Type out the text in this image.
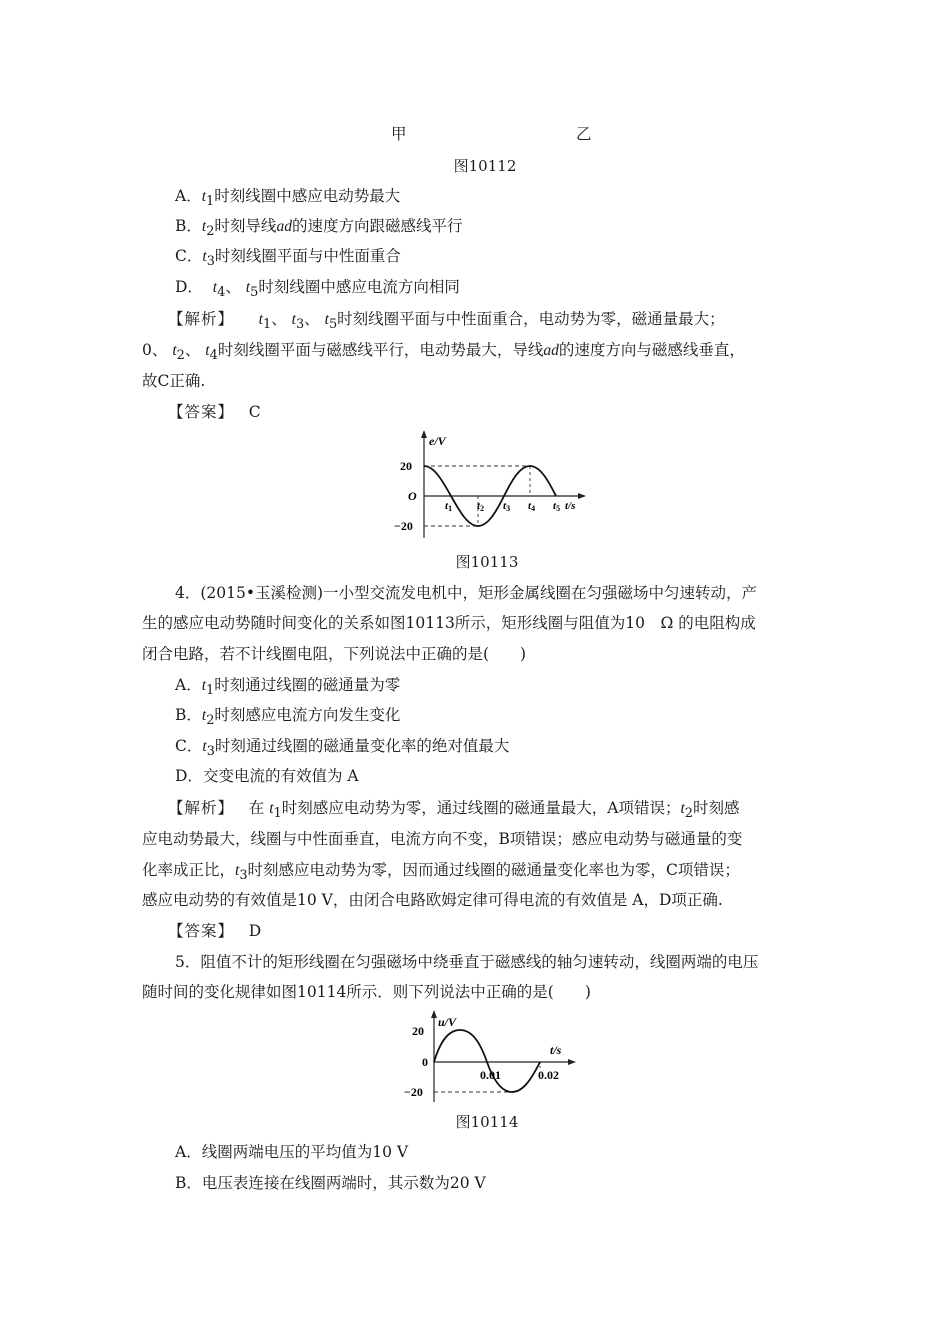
甲	乙
图10112
A．$t_1$时刻线圈中感应电动势最大
B．$t_2$时刻导线ad的速度方向跟磁感线平行
C．$t_3$时刻线圈平面与中性面重合
D． $t_4$、 $t_5$时刻线圈中感应电流方向相同
【解析】 $t_1$、 $t_3$、 $t_5$时刻线圈平面与中性面重合，电动势为零，磁通量最大；
0、 $t_2$、 $t_4$时刻线圈平面与磁感线平行，电动势最大，导线ad的速度方向与磁感线垂直，
故C正确.
【答案】 C
e/V
20
O
−20
t1 t2 t3 t4 t5 t/s
图10113
4．(2015•玉溪检测)一小型交流发电机中，矩形金属线圈在匀强磁场中匀速转动，产
生的感应电动势随时间变化的关系如图10113所示，矩形线圈与阻值为10　Ω 的电阻构成
闭合电路，若不计线圈电阻，下列说法中正确的是(　　)
A．$t_1$时刻通过线圈的磁通量为零
B．$t_2$时刻感应电流方向发生变化
C．$t_3$时刻通过线圈的磁通量变化率的绝对值最大
D．交变电流的有效值为 A
【解析】 在 $t_1$时刻感应电动势为零，通过线圈的磁通量最大，A项错误；$t_2$时刻感
应电动势最大，线圈与中性面垂直，电流方向不变，B项错误；感应电动势与磁通量的变
化率成正比，$t_3$时刻感应电动势为零，因而通过线圈的磁通量变化率也为零，C项错误；
感应电动势的有效值是10 V，由闭合电路欧姆定律可得电流的有效值是 A，D项正确.
【答案】 D
5．阻值不计的矩形线圈在匀强磁场中绕垂直于磁感线的轴匀速转动，线圈两端的电压
随时间的变化规律如图10114所示．则下列说法中正确的是(　　)
u/V
20
0
−20
0.01	0.02
t/s
图10114
A．线圈两端电压的平均值为10 V
B．电压表连接在线圈两端时，其示数为20 V
